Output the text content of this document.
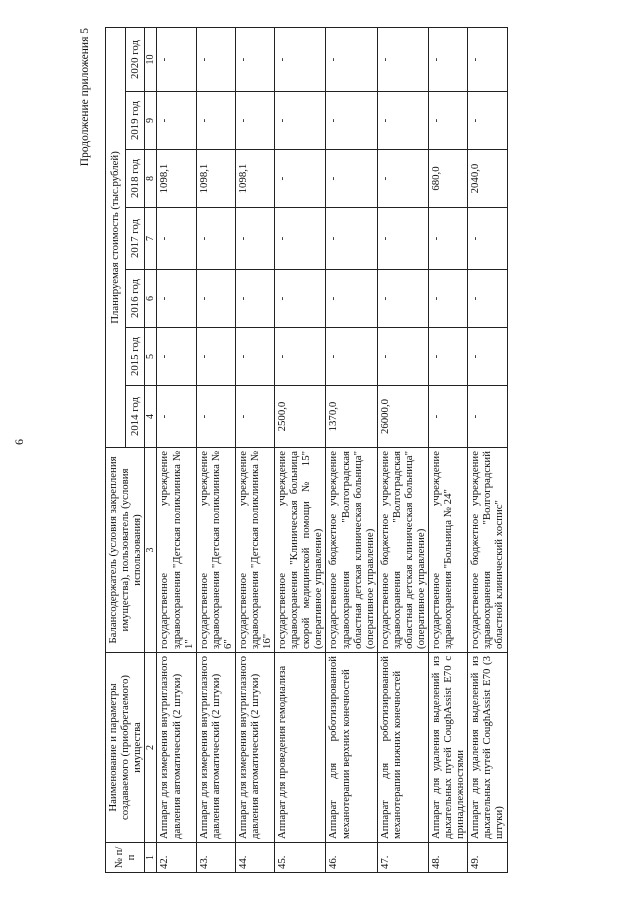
6
Продолжение приложения 5
№ п/п	Наименование и параметры создаваемого (приобретаемого) имущества	Балансодержатель (условия закрепления имущества), пользователь (условия использования)	Планируемая стоимость (тыс.рублей)						
			2014 год	2015 год	2016 год	2017 год	2018 год	2019 год	2020 год
1	2	3	4	5	6	7	8	9	10
42.	Аппарат для измерения внутриглазного давления автоматический (2 штуки)	государственное учреждение здравоохранения "Детская поликлиника № 1"	-	-	-	-	1098,1	-	-
43.	Аппарат для измерения внутриглазного давления автоматический (2 штуки)	государственное учреждение здравоохранения "Детская поликлиника № 6"	-	-	-	-	1098,1	-	-
44.	Аппарат для измерения внутриглазного давления автоматический (2 штуки)	государственное учреждение здравоохранения "Детская поликлиника № 16"	-	-	-	-	1098,1	-	-
45.	Аппарат для проведения гемодиализа	государственное учреждение здравоохранения "Клиническая больница скорой медицинской помощи № 15" (оперативное управление)	2500,0	-	-	-	-	-	-
46.	Аппарат для роботизированной механотерапии верхних конечностей	государственное бюджетное учреждение здравоохранения "Волгоградская областная детская клиническая больница" (оперативное управление)	1370,0	-	-	-	-	-	-
47.	Аппарат для роботизированной механотерапии нижних конечностей	государственное бюджетное учреждение здравоохранения "Волгоградская областная детская клиническая больница" (оперативное управление)	26000,0	-	-	-	-	-	-
48.	Аппарат для удаления выделений из дыхательных путей CoughAssist E70 с принадлежностями	государственное учреждение здравоохранения "Больница № 24"	-	-	-	-	680,0	-	-
49.	Аппарат для удаления выделений из дыхательных путей CoughAssist E70 (3 штуки)	государственное бюджетное учреждение здравоохранения "Волгоградский областной клинический хоспис"	-	-	-	-	2040,0	-	-
